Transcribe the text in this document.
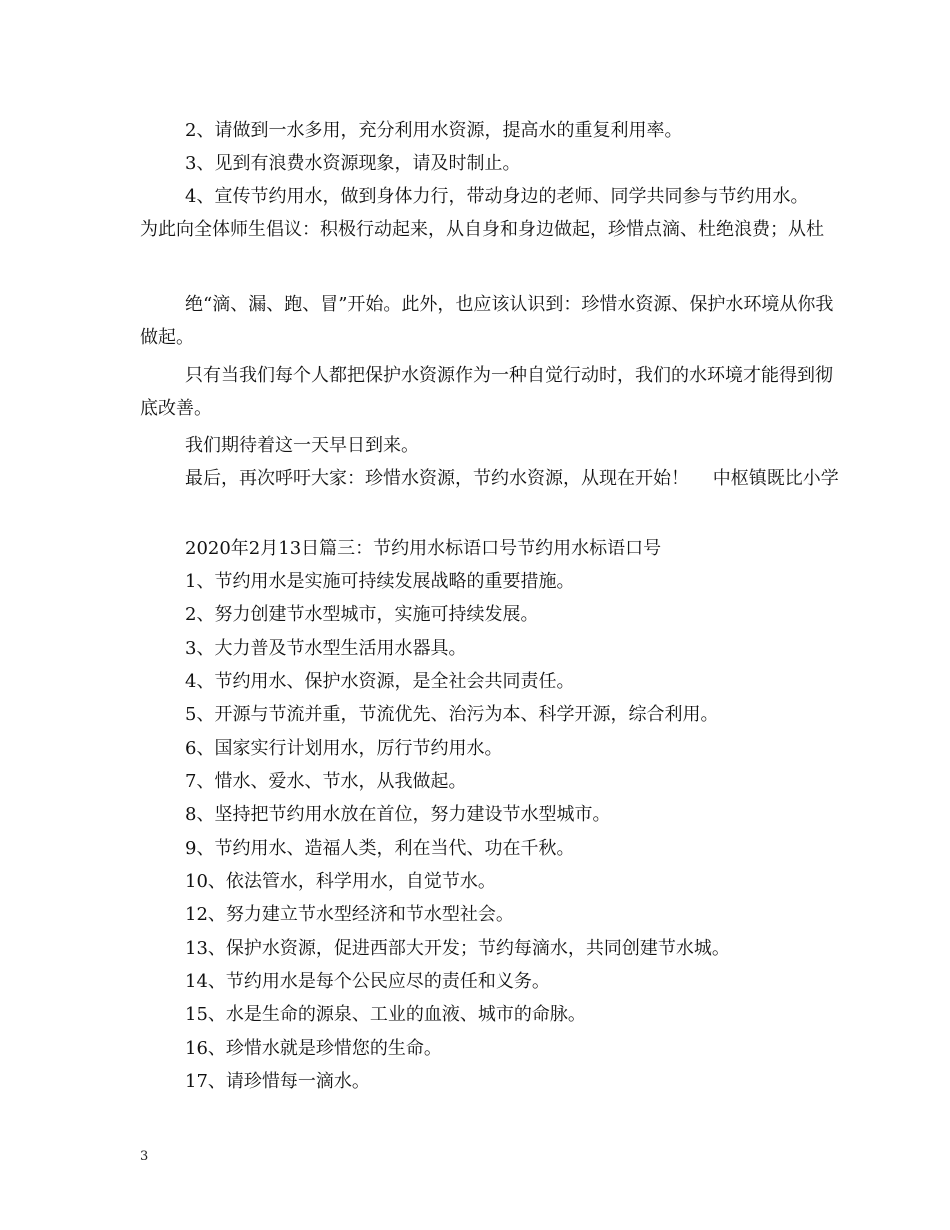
2、请做到一水多用，充分利用水资源，提高水的重复利用率。

3、见到有浪费水资源现象，请及时制止。

4、宣传节约用水，做到身体力行，带动身边的老师、同学共同参与节约用水。

为此向全体师生倡议：积极行动起来，从自身和身边做起，珍惜点滴、杜绝浪费；从杜

绝“滴、漏、跑、冒”开始。此外，也应该认识到：珍惜水资源、保护水环境从你我做起。

只有当我们每个人都把保护水资源作为一种自觉行动时，我们的水环境才能得到彻底改善。

我们期待着这一天早日到来。

最后，再次呼吁大家：珍惜水资源，节约水资源，从现在开始！　 中枢镇既比小学

2020年2月13日篇三：节约用水标语口号节约用水标语口号

1、节约用水是实施可持续发展战略的重要措施。

2、努力创建节水型城市，实施可持续发展。

3、大力普及节水型生活用水器具。

4、节约用水、保护水资源，是全社会共同责任。

5、开源与节流并重，节流优先、治污为本、科学开源，综合利用。

6、国家实行计划用水，厉行节约用水。

7、惜水、爱水、节水，从我做起。

8、坚持把节约用水放在首位，努力建设节水型城市。

9、节约用水、造福人类，利在当代、功在千秋。

10、依法管水，科学用水，自觉节水。

12、努力建立节水型经济和节水型社会。

13、保护水资源，促进西部大开发；节约每滴水，共同创建节水城。

14、节约用水是每个公民应尽的责任和义务。

15、水是生命的源泉、工业的血液、城市的命脉。

16、珍惜水就是珍惜您的生命。

17、请珍惜每一滴水。

3
